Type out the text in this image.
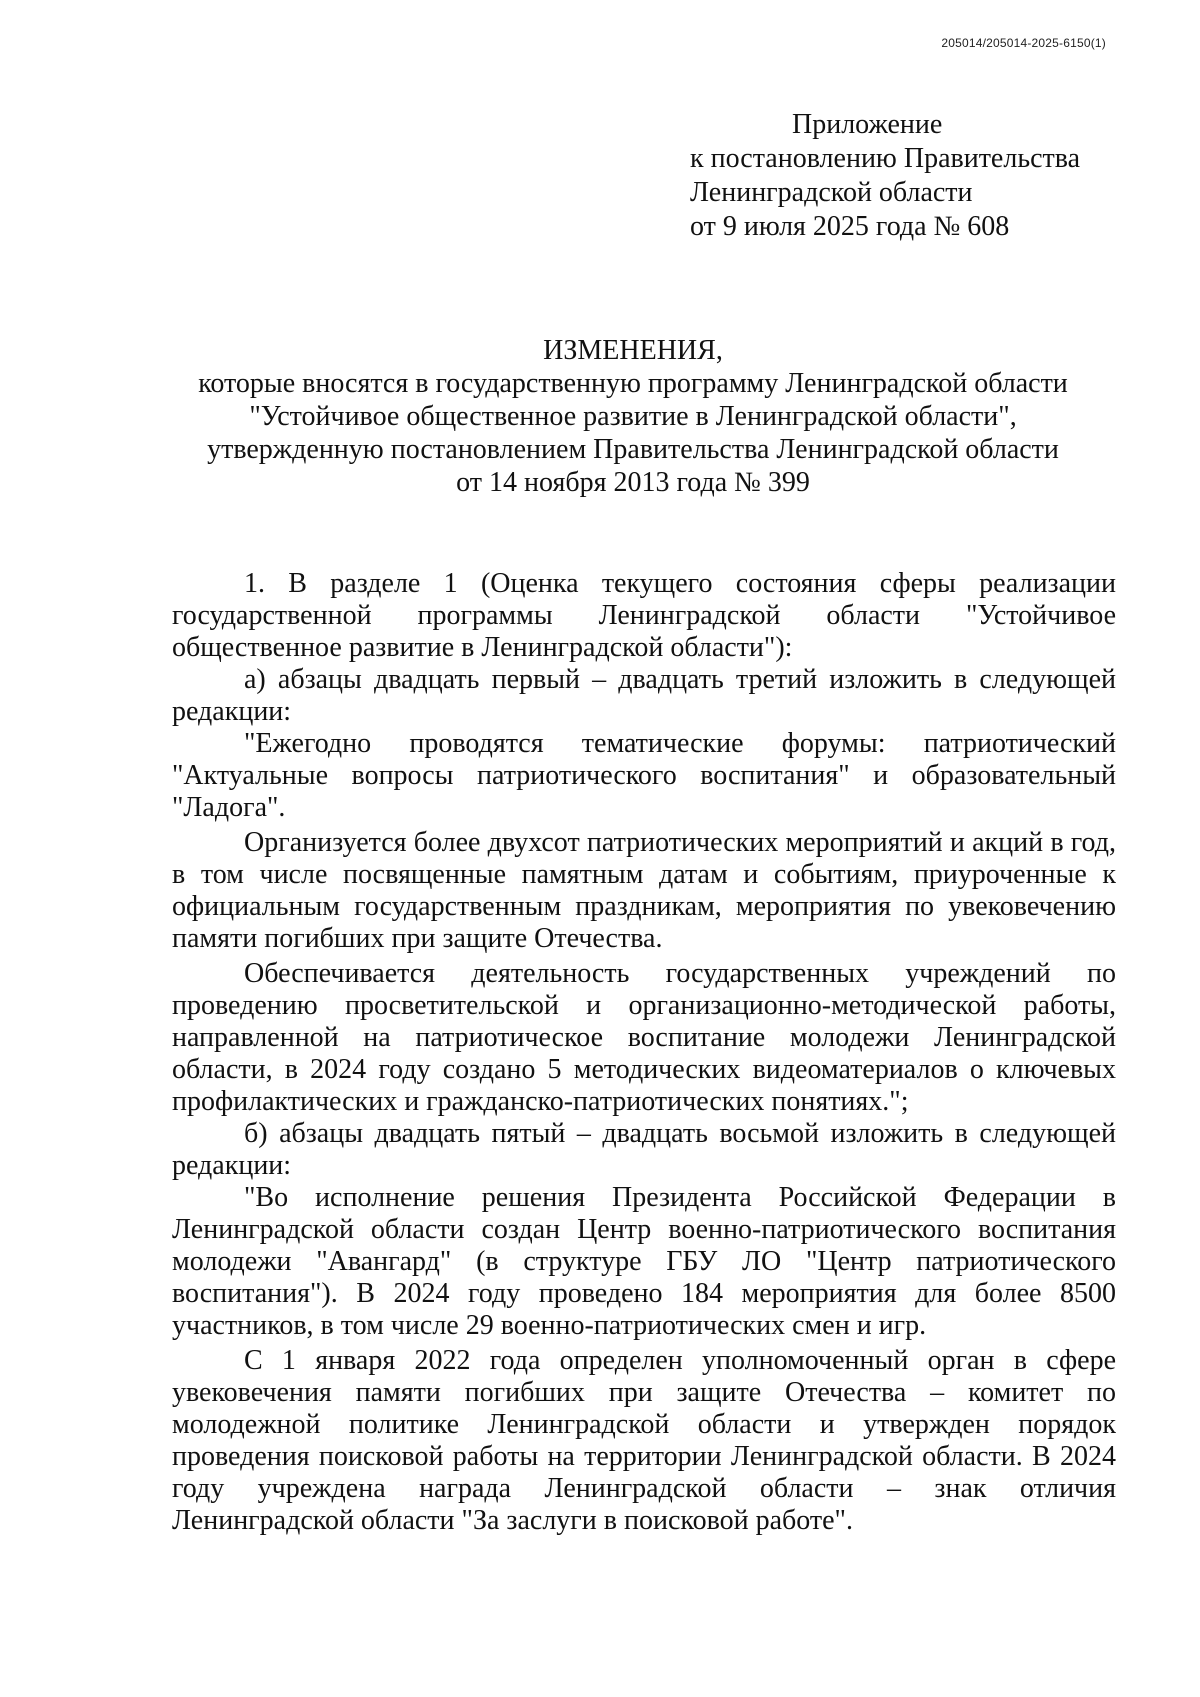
205014/205014-2025-6150(1)
Приложение
к постановлению Правительства
Ленинградской области
от 9 июля 2025 года № 608
ИЗМЕНЕНИЯ,
которые вносятся в государственную программу Ленинградской области
"Устойчивое общественное развитие в Ленинградской области",
утвержденную постановлением Правительства Ленинградской области
от 14 ноября 2013 года № 399

1. В разделе 1 (Оценка текущего состояния сферы реализации государственной программы Ленинградской области "Устойчивое общественное развитие в Ленинградской области"):

а) абзацы двадцать первый – двадцать третий изложить в следующей редакции:

"Ежегодно проводятся тематические форумы: патриотический "Актуальные вопросы патриотического воспитания" и образовательный "Ладога".

Организуется более двухсот патриотических мероприятий и акций в год, в том числе посвященные памятным датам и событиям, приуроченные к официальным государственным праздникам, мероприятия по увековечению памяти погибших при защите Отечества.

Обеспечивается деятельность государственных учреждений по проведению просветительской и организационно-методической работы, направленной на патриотическое воспитание молодежи Ленинградской области, в 2024 году создано 5 методических видеоматериалов о ключевых профилактических и гражданско-патриотических понятиях.";

б) абзацы двадцать пятый – двадцать восьмой изложить в следующей редакции:

"Во исполнение решения Президента Российской Федерации в Ленинградской области создан Центр военно-патриотического воспитания молодежи "Авангард" (в структуре ГБУ ЛО "Центр патриотического воспитания"). В 2024 году проведено 184 мероприятия для более 8500 участников, в том числе 29 военно-патриотических смен и игр.

С 1 января 2022 года определен уполномоченный орган в сфере увековечения памяти погибших при защите Отечества – комитет по молодежной политике Ленинградской области и утвержден порядок проведения поисковой работы на территории Ленинградской области. В 2024 году учреждена награда Ленинградской области – знак отличия Ленинградской области "За заслуги в поисковой работе".
